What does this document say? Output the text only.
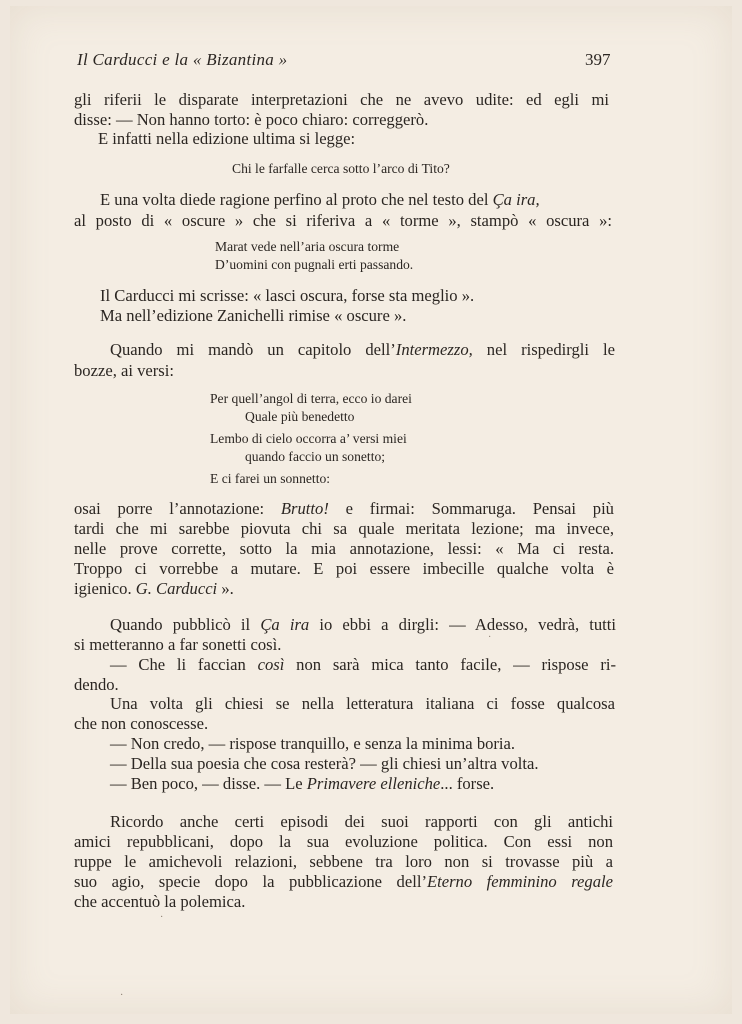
Il Carducci e la « Bizantina »	397
gli riferii le disparate interpretazioni che ne avevo udite: ed egli mi
disse: — Non hanno torto: è poco chiaro: correggerò.
E infatti nella edizione ultima si legge:
Chi le farfalle cerca sotto l’arco di Tito?
E una volta diede ragione perfino al proto che nel testo del Ça ira,
al posto di « oscure » che si riferiva a « torme », stampò « oscura »:
Marat vede nell’aria oscura torme
D’uomini con pugnali erti passando.
Il Carducci mi scrisse: « lasci oscura, forse sta meglio ».
Ma nell’edizione Zanichelli rimise « oscure ».
Quando mi mandò un capitolo dell’Intermezzo, nel rispedirgli le
bozze, ai versi:
Per quell’angol di terra, ecco io darei
Quale più benedetto
Lembo di cielo occorra a’ versi miei
quando faccio un sonetto;
E ci farei un sonnetto:
osai porre l’annotazione: Brutto! e firmai: Sommaruga. Pensai più
tardi che mi sarebbe piovuta chi sa quale meritata lezione; ma invece,
nelle prove corrette, sotto la mia annotazione, lessi: « Ma ci resta.
Troppo ci vorrebbe a mutare. E poi essere imbecille qualche volta è
igienico. G. Carducci ».
Quando pubblicò il Ça ira io ebbi a dirgli: — Adesso, vedrà, tutti
si metteranno a far sonetti così.
— Che li faccian così non sarà mica tanto facile, — rispose ri-
dendo.
Una volta gli chiesi se nella letteratura italiana ci fosse qualcosa
che non conoscesse.
— Non credo, — rispose tranquillo, e senza la minima boria.
— Della sua poesia che cosa resterà? — gli chiesi un’altra volta.
— Ben poco, — disse. — Le Primavere elleniche... forse.
Ricordo anche certi episodi dei suoi rapporti con gli antichi
amici repubblicani, dopo la sua evoluzione politica. Con essi non
ruppe le amichevoli relazioni, sebbene tra loro non si trovasse più a
suo agio, specie dopo la pubblicazione dell’Eterno femminino regale
che accentuò la polemica.
·
·
·
